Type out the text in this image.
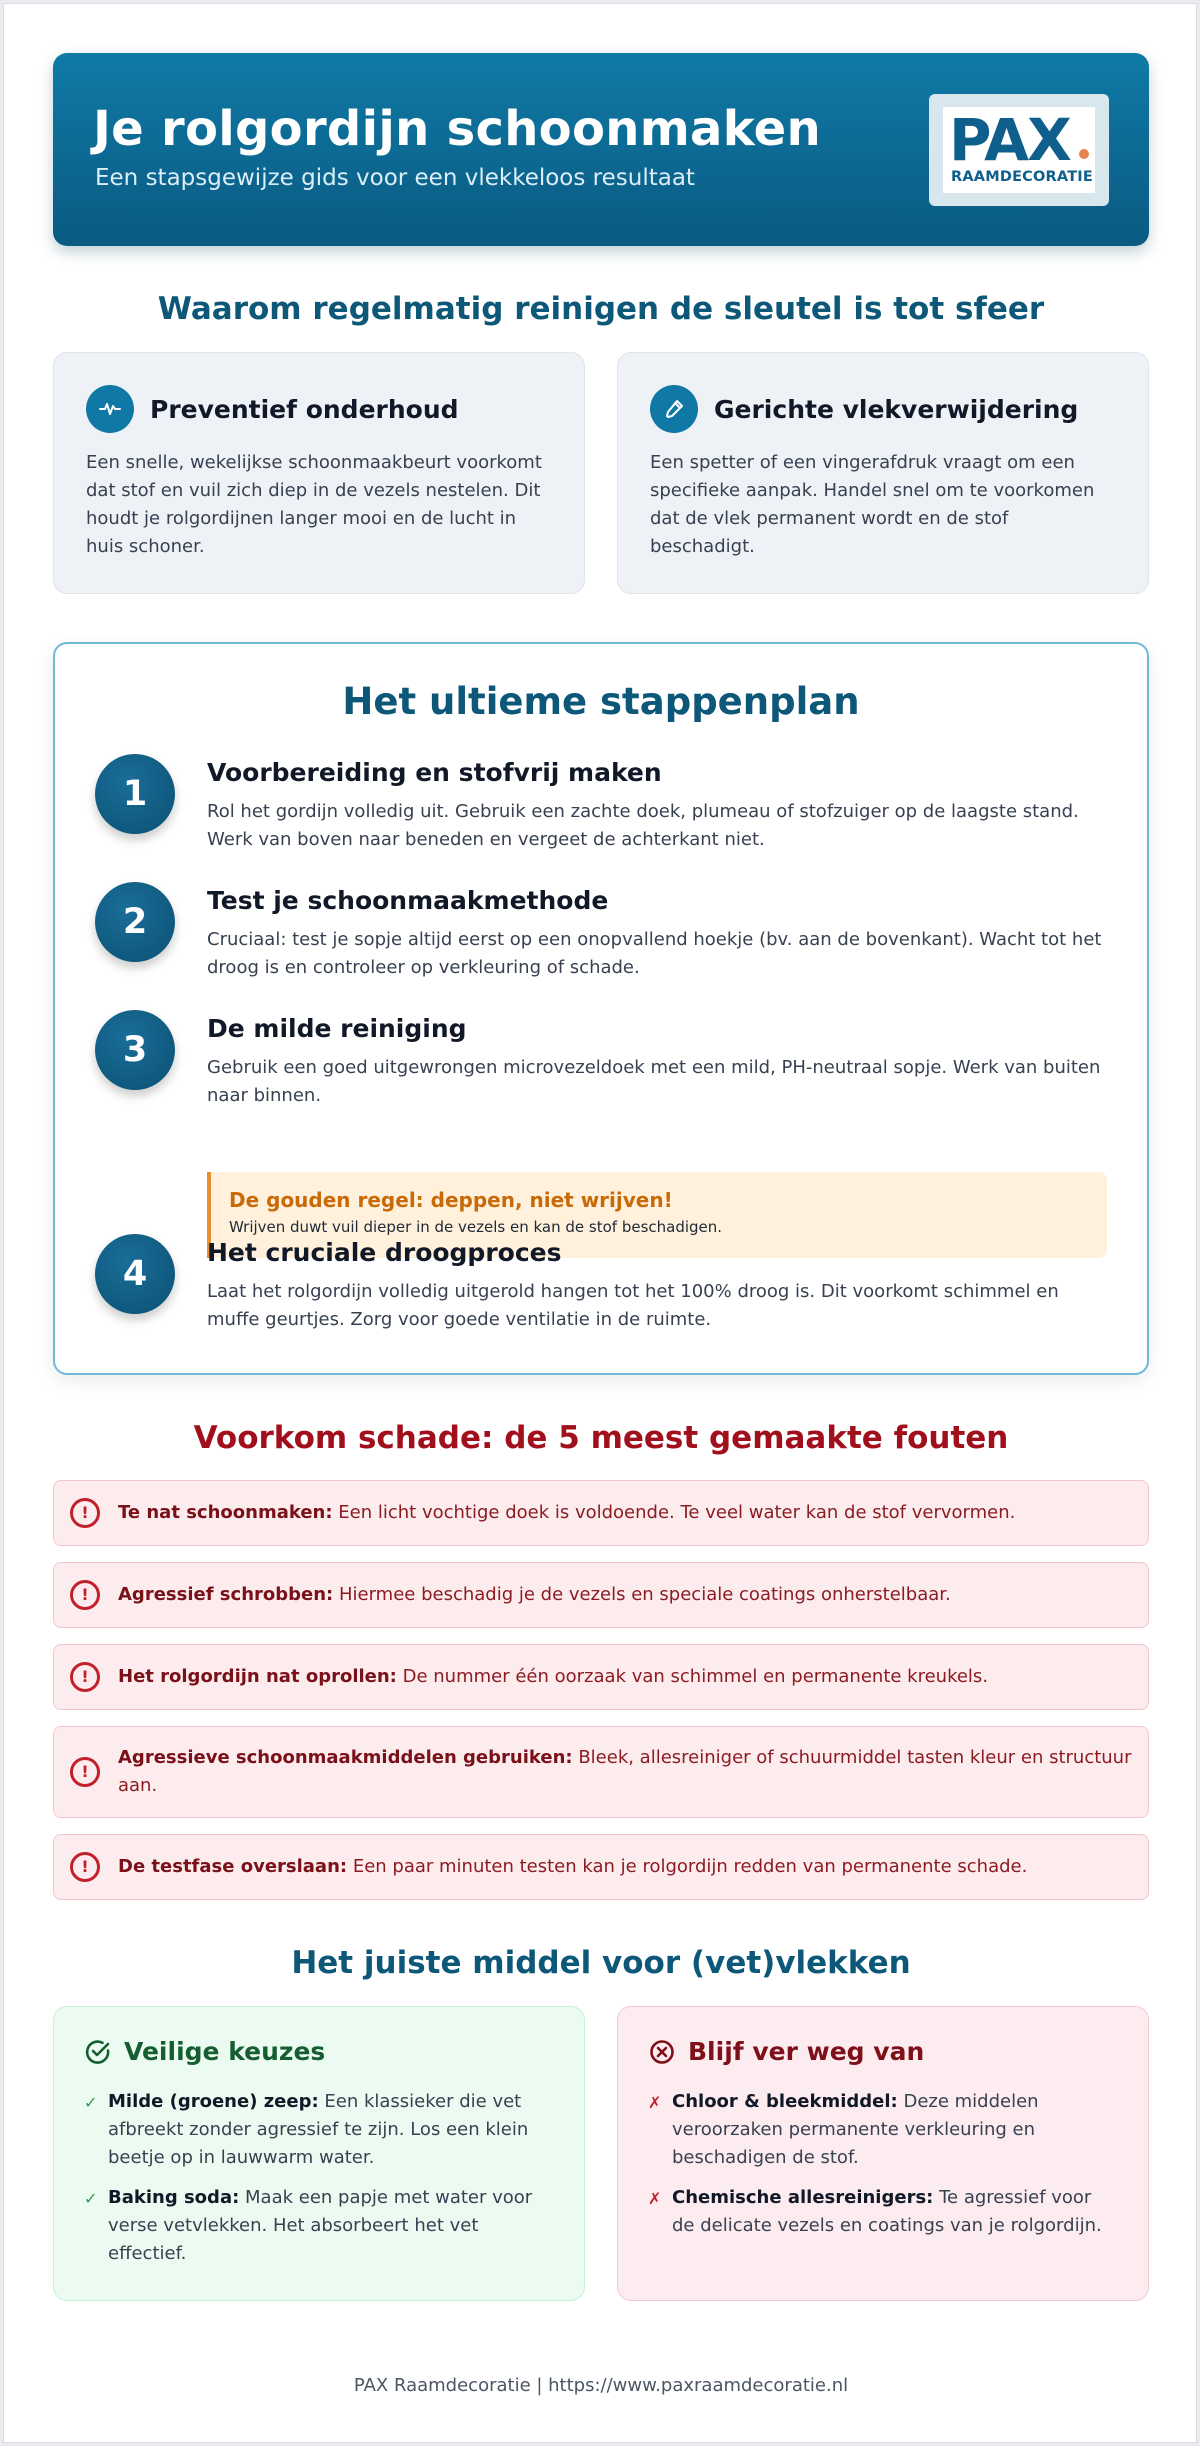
Je rolgordijn schoonmaken
Een stapsgewijze gids voor een vlekkeloos resultaat
PAX
RAAMDECORATIE
Waarom regelmatig reinigen de sleutel is tot sfeer
Preventief onderhoud

Een snelle, wekelijkse schoonmaakbeurt voorkomt dat stof en vuil zich diep in de vezels nestelen. Dit houdt je rolgordijnen langer mooi en de lucht in huis schoner.

Gerichte vlekverwijdering

Een spetter of een vingerafdruk vraagt om een specifieke aanpak. Handel snel om te voorkomen dat de vlek permanent wordt en de stof beschadigt.

Het ultieme stappenplan
1
Voorbereiding en stofvrij maken

Rol het gordijn volledig uit. Gebruik een zachte doek, plumeau of stofzuiger op de laagste stand. Werk van boven naar beneden en vergeet de achterkant niet.

2
Test je schoonmaakmethode

Cruciaal: test je sopje altijd eerst op een onopvallend hoekje (bv. aan de bovenkant). Wacht tot het droog is en controleer op verkleuring of schade.

3
De milde reiniging

Gebruik een goed uitgewrongen microvezeldoek met een mild, PH-neutraal sopje. Werk van buiten naar binnen.

De gouden regel: deppen, niet wrijven!
Wrijven duwt vuil dieper in de vezels en kan de stof beschadigen.
4
Het cruciale droogproces

Laat het rolgordijn volledig uitgerold hangen tot het 100% droog is. Dit voorkomt schimmel en muffe geurtjes. Zorg voor goede ventilatie in de ruimte.

Voorkom schade: de 5 meest gemaakte fouten
!	Te nat schoonmaken: Een licht vochtige doek is voldoende. Te veel water kan de stof vervormen.
!	Agressief schrobben: Hiermee beschadig je de vezels en speciale coatings onherstelbaar.
!	Het rolgordijn nat oprollen: De nummer één oorzaak van schimmel en permanente kreukels.
!
Agressieve schoonmaakmiddelen gebruiken: Bleek, allesreiniger of schuurmiddel tasten kleur en structuur aan.
!	De testfase overslaan: Een paar minuten testen kan je rolgordijn redden van permanente schade.
Het juiste middel voor (vet)vlekken
Veilige keuzes
✓ Milde (groene) zeep: Een klassieker die vet afbreekt zonder agressief te zijn. Los een klein beetje op in lauwwarm water.
✓ Baking soda: Maak een papje met water voor verse vetvlekken. Het absorbeert het vet effectief.
Blijf ver weg van
✗ Chloor & bleekmiddel: Deze middelen veroorzaken permanente verkleuring en beschadigen de stof.
✗ Chemische allesreinigers: Te agressief voor de delicate vezels en coatings van je rolgordijn.
PAX Raamdecoratie | https://www.paxraamdecoratie.nl
